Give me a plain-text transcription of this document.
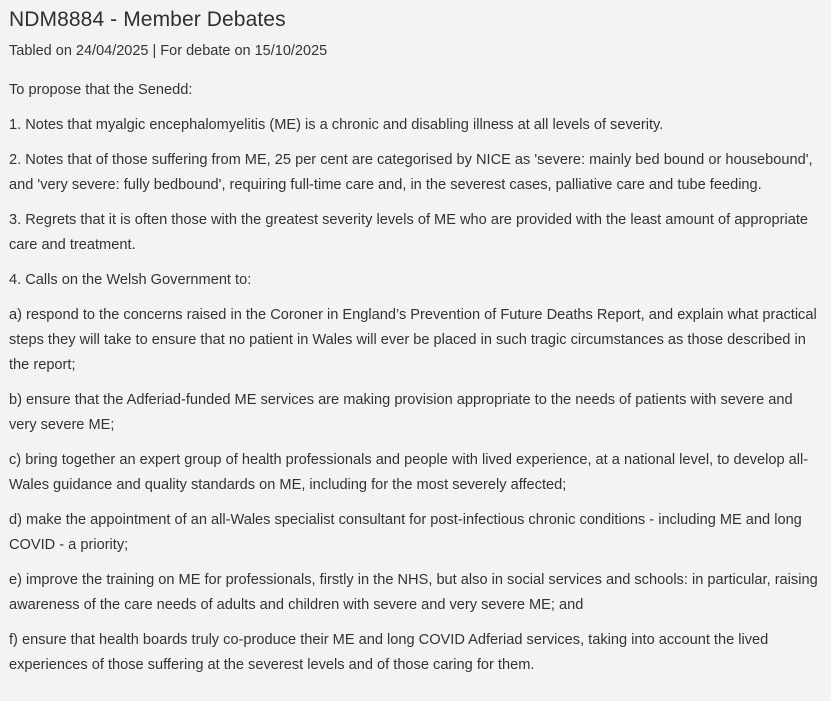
NDM8884 - Member Debates

Tabled on 24/04/2025 | For debate on 15/10/2025

To propose that the Senedd:

1. Notes that myalgic encephalomyelitis (ME) is a chronic and disabling illness at all levels of severity.

2. Notes that of those suffering from ME, 25 per cent are categorised by NICE as 'severe: mainly bed bound or housebound', and 'very severe: fully bedbound', requiring full-time care and, in the severest cases, palliative care and tube feeding.

3. Regrets that it is often those with the greatest severity levels of ME who are provided with the least amount of appropriate care and treatment.

4. Calls on the Welsh Government to:

a) respond to the concerns raised in the Coroner in England’s Prevention of Future Deaths Report, and explain what practical steps they will take to ensure that no patient in Wales will ever be placed in such tragic circumstances as those described in the report;

b) ensure that the Adferiad-funded ME services are making provision appropriate to the needs of patients with severe and very severe ME;

c) bring together an expert group of health professionals and people with lived experience, at a national level, to develop all-Wales guidance and quality standards on ME, including for the most severely affected;

d) make the appointment of an all-Wales specialist consultant for post-infectious chronic conditions - including ME and long COVID - a priority;

e) improve the training on ME for professionals, firstly in the NHS, but also in social services and schools: in particular, raising awareness of the care needs of adults and children with severe and very severe ME; and

f) ensure that health boards truly co-produce their ME and long COVID Adferiad services, taking into account the lived experiences of those suffering at the severest levels and of those caring for them.
